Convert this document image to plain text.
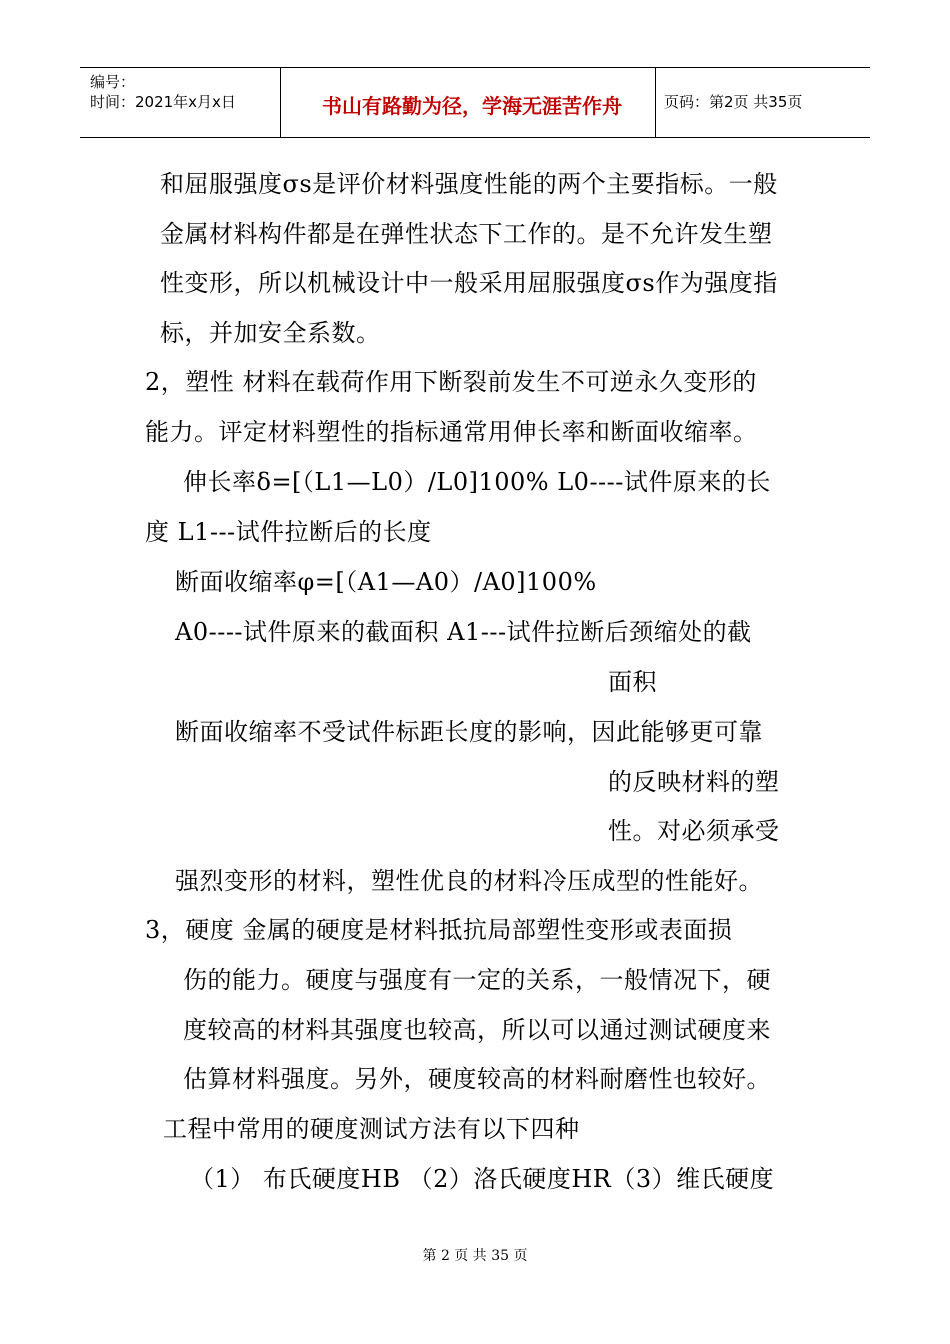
编号：
时间：2021年x月x日	书山有路勤为径，学海无涯苦作舟	页码：第2页 共35页
和屈服强度σs是评价材料强度性能的两个主要指标。一般
金属材料构件都是在弹性状态下工作的。是不允许发生塑
性变形，所以机械设计中一般采用屈服强度σs作为强度指
标，并加安全系数。
2，塑性 材料在载荷作用下断裂前发生不可逆永久变形的
能力。评定材料塑性的指标通常用伸长率和断面收缩率。
伸长率δ=[（L1—L0）/L0]100% L0----试件原来的长
度 L1---试件拉断后的长度
断面收缩率φ=[（A1—A0）/A0]100%
A0----试件原来的截面积 A1---试件拉断后颈缩处的截
面积
断面收缩率不受试件标距长度的影响，因此能够更可靠
的反映材料的塑
性。对必须承受
强烈变形的材料，塑性优良的材料冷压成型的性能好。
3，硬度 金属的硬度是材料抵抗局部塑性变形或表面损
伤的能力。硬度与强度有一定的关系，一般情况下，硬
度较高的材料其强度也较高，所以可以通过测试硬度来
估算材料强度。另外，硬度较高的材料耐磨性也较好。
工程中常用的硬度测试方法有以下四种
（1） 布氏硬度HB （2）洛氏硬度HR（3）维氏硬度
第 2 页 共 35 页
